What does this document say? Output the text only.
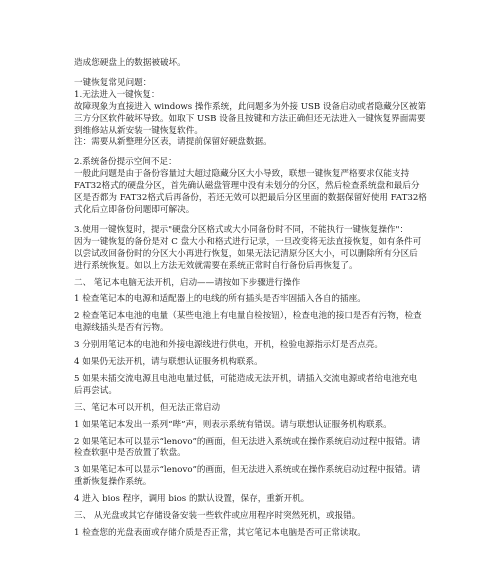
造成您硬盘上的数据被破坏。
一键恢复常见问题：
1.无法进入一键恢复：
故障现象为直接进入 windows 操作系统，此问题多为外接 USB 设备启动或者隐藏分区被第
三方分区软件破坏导致。如取下 USB 设备且按键和方法正确但还无法进入一键恢复界面需要
到维修站从新安装一键恢复软件。
注：需要从新整理分区表，请提前保留好硬盘数据。
2.系统备份提示空间不足：
一般此问题是由于备份容量过大超过隐藏分区大小导致，联想一键恢复严格要求仅能支持
FAT32格式的硬盘分区，首先确认磁盘管理中没有未划分的分区，然后检查系统盘和最后分
区是否都为 FAT32格式后再备份，若还无效可以把最后分区里面的数据保留好使用 FAT32格
式化后立即备份问题即可解决。
3.使用一键恢复时，提示"硬盘分区格式或大小同备份时不同，不能执行一键恢复操作"：
因为一键恢复的备份是对 C 盘大小和格式进行记录，一旦改变将无法直接恢复，如有条件可
以尝试改回备份时的分区大小再进行恢复，如果无法记清原分区大小，可以删除所有分区后
进行系统恢复。如以上方法无效就需要在系统正常时自行备份后再恢复了。
二、 笔记本电脑无法开机，启动——请按如下步骤进行操作
1 检查笔记本的电源和适配器上的电线的所有插头是否牢固插入各自的插座。
2 检查笔记本电池的电量（某些电池上有电量自检按钮），检查电池的接口是否有污物，检查
电源线插头是否有污物。
3 分别用笔记本的电池和外接电源线进行供电，开机，检验电源指示灯是否点亮。
4 如果仍无法开机，请与联想认证服务机构联系。
5 如果未插交流电源且电池电量过低，可能造成无法开机，请插入交流电源或者给电池充电
后再尝试。
三、笔记本可以开机，但无法正常启动
1 如果笔记本发出一系列“哔”声，则表示系统有错误。请与联想认证服务机构联系。
2 如果笔记本可以显示“lenovo”的画面，但无法进入系统或在操作系统启动过程中报错。请
检查软驱中是否放置了软盘。
3 如果笔记本可以显示“lenovo”的画面，但无法进入系统或在操作系统启动过程中报错。请
重新恢复操作系统。
4 进入 bios 程序，调用 bios 的默认设置，保存，重新开机。
三、 从光盘或其它存储设备安装一些软件或应用程序时突然死机，或报错。
1 检查您的光盘表面或存储介质是否正常，其它笔记本电脑是否可正常读取。
